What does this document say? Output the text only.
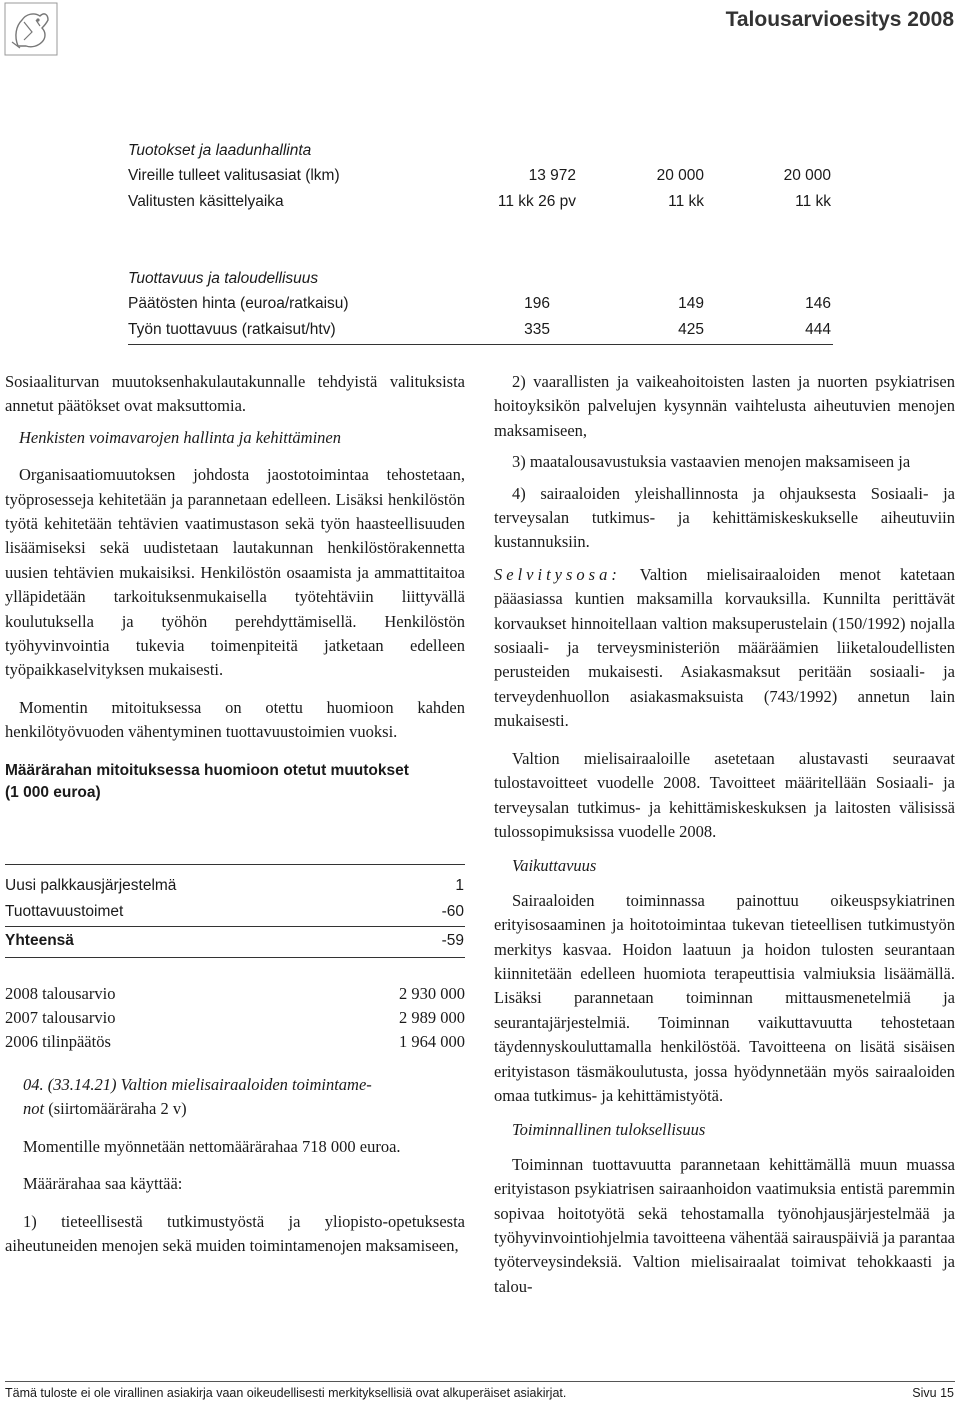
Talousarvioesitys 2008
Tuotokset ja laadunhallinta
Vireille tulleet valitusasiat (lkm)	13 972	20 000	20 000
Valitusten käsittelyaika	11 kk 26 pv	11 kk	11 kk
Tuottavuus ja taloudellisuus
Päätösten hinta (euroa/ratkaisu)	196	149	146
Työn tuottavuus (ratkaisut/htv)	335	425	444
Sosiaaliturvan muutoksenhakulautakunnalle tehdyistä valituksista annetut päätökset ovat maksuttomia.
Henkisten voimavarojen hallinta ja kehittäminen
Organisaatiomuutoksen johdosta jaostotoimintaa tehostetaan, työprosesseja kehitetään ja parannetaan edelleen. Lisäksi henkilöstön työtä kehitetään tehtävien vaatimustason sekä työn haasteellisuuden lisäämiseksi sekä uudistetaan lautakunnan henkilöstörakennetta uusien tehtävien mukaisiksi. Henkilöstön osaamista ja ammattitaitoa ylläpidetään tarkoituksenmukaisella työtehtäviin liittyvällä koulutuksella ja työhön perehdyttämisellä. Henkilöstön työhyvinvointia tukevia toimenpiteitä jatketaan edelleen työpaikkaselvityksen mukaisesti.
Momentin mitoituksessa on otettu huomioon kahden henkilötyövuoden vähentyminen tuottavuustoimien vuoksi.
Määrärahan mitoituksessa huomioon otetut muutokset
(1 000 euroa)
Uusi palkkausjärjestelmä	1
Tuottavuustoimet	-60
Yhteensä	-59
2008 talousarvio	2 930 000
2007 talousarvio	2 989 000
2006 tilinpäätös	1 964 000
04. (33.14.21) Valtion mielisairaaloiden toimintame-
not (siirtomääräraha 2 v)
Momentille myönnetään nettomäärärahaa 718 000 euroa.
Määrärahaa saa käyttää:
1) tieteellisestä tutkimustyöstä ja yliopisto-opetuksesta aiheutuneiden menojen sekä muiden toimintamenojen maksamiseen,
2) vaarallisten ja vaikeahoitoisten lasten ja nuorten psykiatrisen hoitoyksikön palvelujen kysynnän vaihtelusta aiheutuvien menojen maksamiseen,
3) maatalousavustuksia vastaavien menojen maksamiseen ja
4) sairaaloiden yleishallinnosta ja ohjauksesta Sosiaali- ja terveysalan tutkimus- ja kehittämiskeskukselle aiheutuviin kustannuksiin.
Selvitysosa: Valtion mielisairaaloiden menot katetaan pääasiassa kuntien maksamilla korvauksilla. Kunnilta perittävät korvaukset hinnoitellaan valtion maksuperustelain (150/1992) nojalla sosiaali- ja terveysministeriön määräämien liiketaloudellisten perusteiden mukaisesti. Asiakasmaksut peritään sosiaali- ja terveydenhuollon asiakasmaksuista (743/1992) annetun lain mukaisesti.
Valtion mielisairaaloille asetetaan alustavasti seuraavat tulostavoitteet vuodelle 2008. Tavoitteet määritellään Sosiaali- ja terveysalan tutkimus- ja kehittämiskeskuksen ja laitosten välisissä tulossopimuksissa vuodelle 2008.
Vaikuttavuus
Sairaaloiden toiminnassa painottuu oikeuspsykiatrinen erityisosaaminen ja hoitotoimintaa tukevan tieteellisen tutkimustyön merkitys kasvaa. Hoidon laatuun ja hoidon tulosten seurantaan kiinnitetään edelleen huomiota terapeuttisia valmiuksia lisäämällä. Lisäksi parannetaan toiminnan mittausmenetelmiä ja seurantajärjestelmiä. Toiminnan vaikuttavuutta tehostetaan täydennyskouluttamalla henkilöstöä. Tavoitteena on lisätä sisäisen erityistason täsmäkoulutusta, jossa hyödynnetään myös sairaaloiden omaa tutkimus- ja kehittämistyötä.
Toiminnallinen tuloksellisuus
Toiminnan tuottavuutta parannetaan kehittämällä muun muassa erityistason psykiatrisen sairaanhoidon vaatimuksia entistä paremmin sopivaa hoitotyötä sekä tehostamalla työnohjausjärjestelmää ja työhyvinvointiohjelmia tavoitteena vähentää sairauspäiviä ja parantaa työterveysindeksiä. Valtion mielisairaalat toimivat tehokkaasti ja talou-
Tämä tuloste ei ole virallinen asiakirja vaan oikeudellisesti merkityksellisiä ovat alkuperäiset asiakirjat.	Sivu 15
